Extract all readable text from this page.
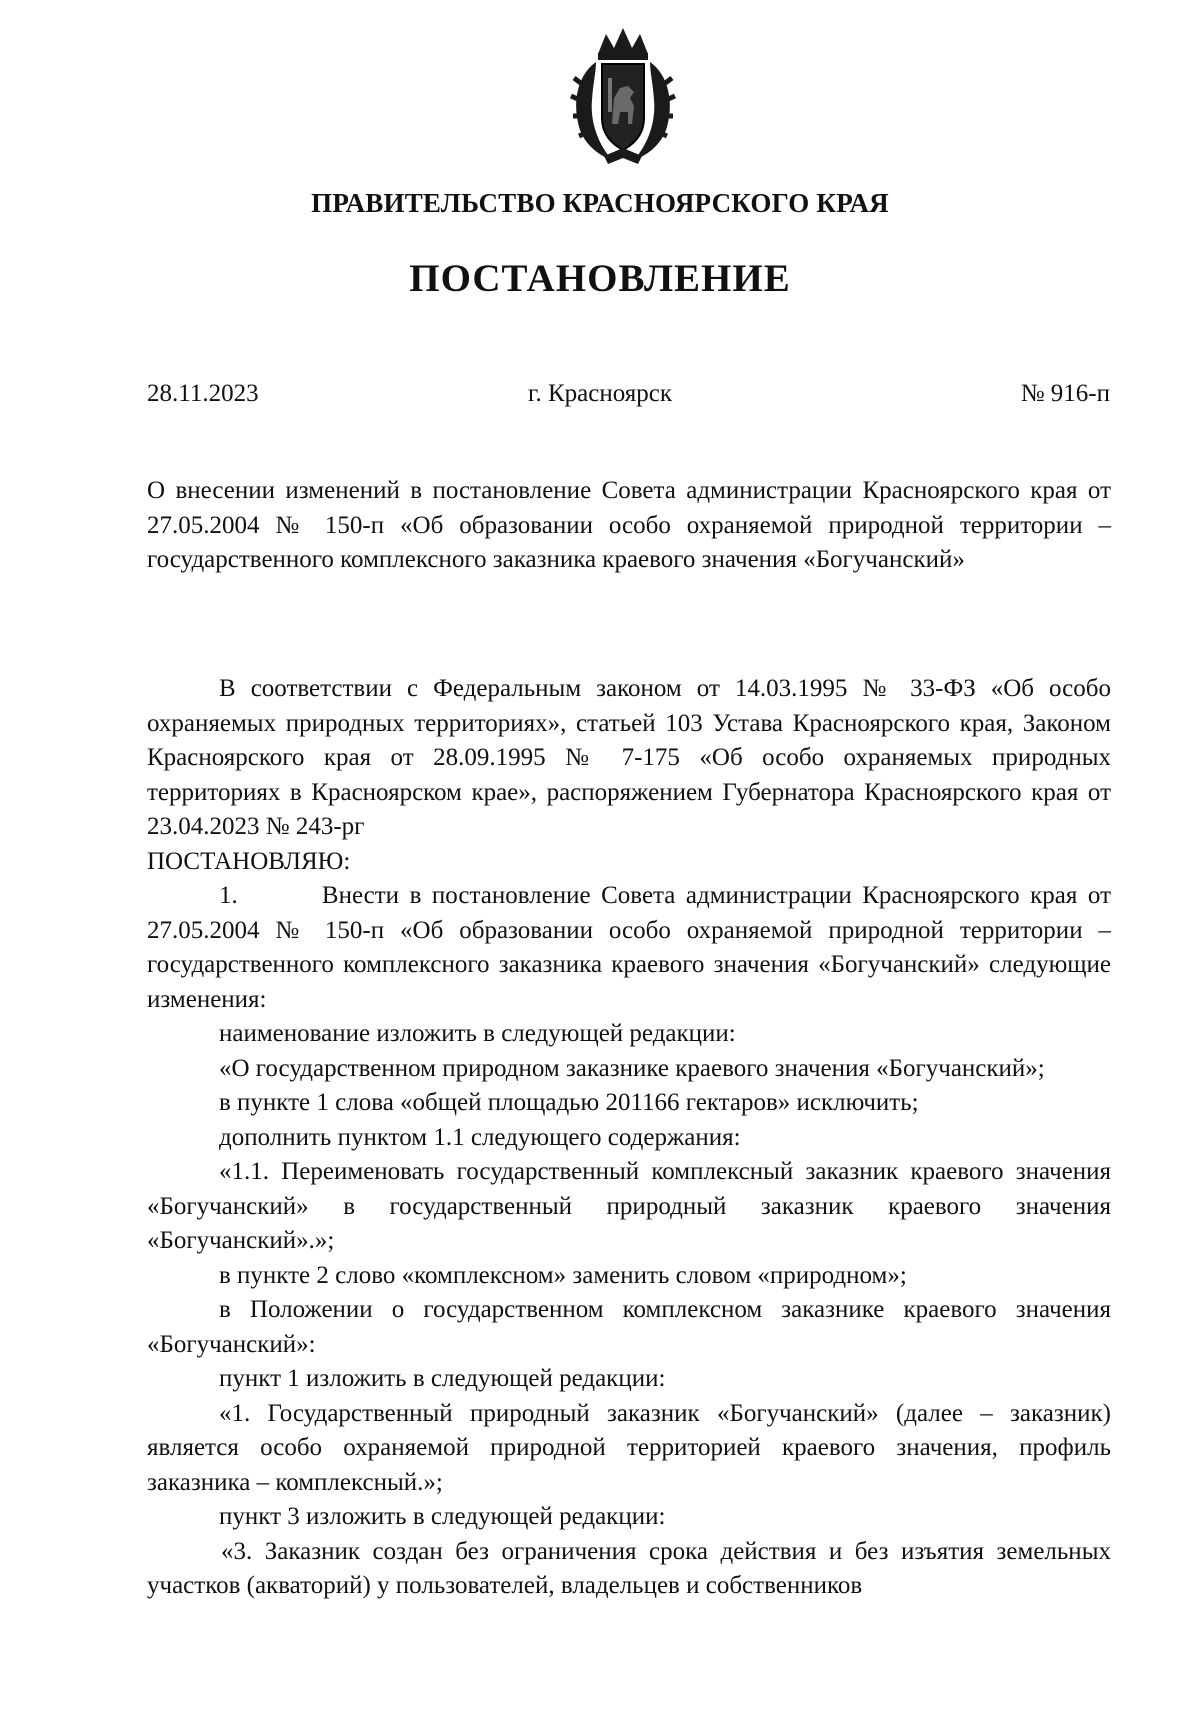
ПРАВИТЕЛЬСТВО КРАСНОЯРСКОГО КРАЯ
ПОСТАНОВЛЕНИЕ
28.11.2023	г. Красноярск	№ 916-п

О внесении изменений в постановление Совета администрации Красноярского края от 27.05.2004 № 150-п «Об образовании особо охраняемой природной территории – государственного комплексного заказника краевого значения «Богучанский»

В соответствии с Федеральным законом от 14.03.1995 № 33-ФЗ «Об особо охраняемых природных территориях», статьей 103 Устава Красноярского края, Законом Красноярского края от 28.09.1995 № 7-175 «Об особо охраняемых природных территориях в Красноярском крае», распоряжением Губернатора Красноярского края от 23.04.2023 № 243-рг

ПОСТАНОВЛЯЮ:

1.        Внести в постановление Совета администрации Красноярского края от 27.05.2004 № 150-п «Об образовании особо охраняемой природной территории – государственного комплексного заказника краевого значения «Богучанский» следующие изменения:

наименование изложить в следующей редакции:

«О государственном природном заказнике краевого значения «Богучанский»;

в пункте 1 слова «общей площадью 201166 гектаров» исключить;

дополнить пунктом 1.1 следующего содержания:

«1.1. Переименовать государственный комплексный заказник краевого значения «Богучанский» в государственный природный заказник краевого значения «Богучанский».»;

в пункте 2 слово «комплексном» заменить словом «природном»;

в Положении о государственном комплексном заказнике краевого значения «Богучанский»:

пункт 1 изложить в следующей редакции:

«1. Государственный природный заказник «Богучанский» (далее – заказник) является особо охраняемой природной территорией краевого значения, профиль заказника – комплексный.»;

пункт 3 изложить в следующей редакции:

«3. Заказник создан без ограничения срока действия и без изъятия земельных участков (акваторий) у пользователей, владельцев и собственников
